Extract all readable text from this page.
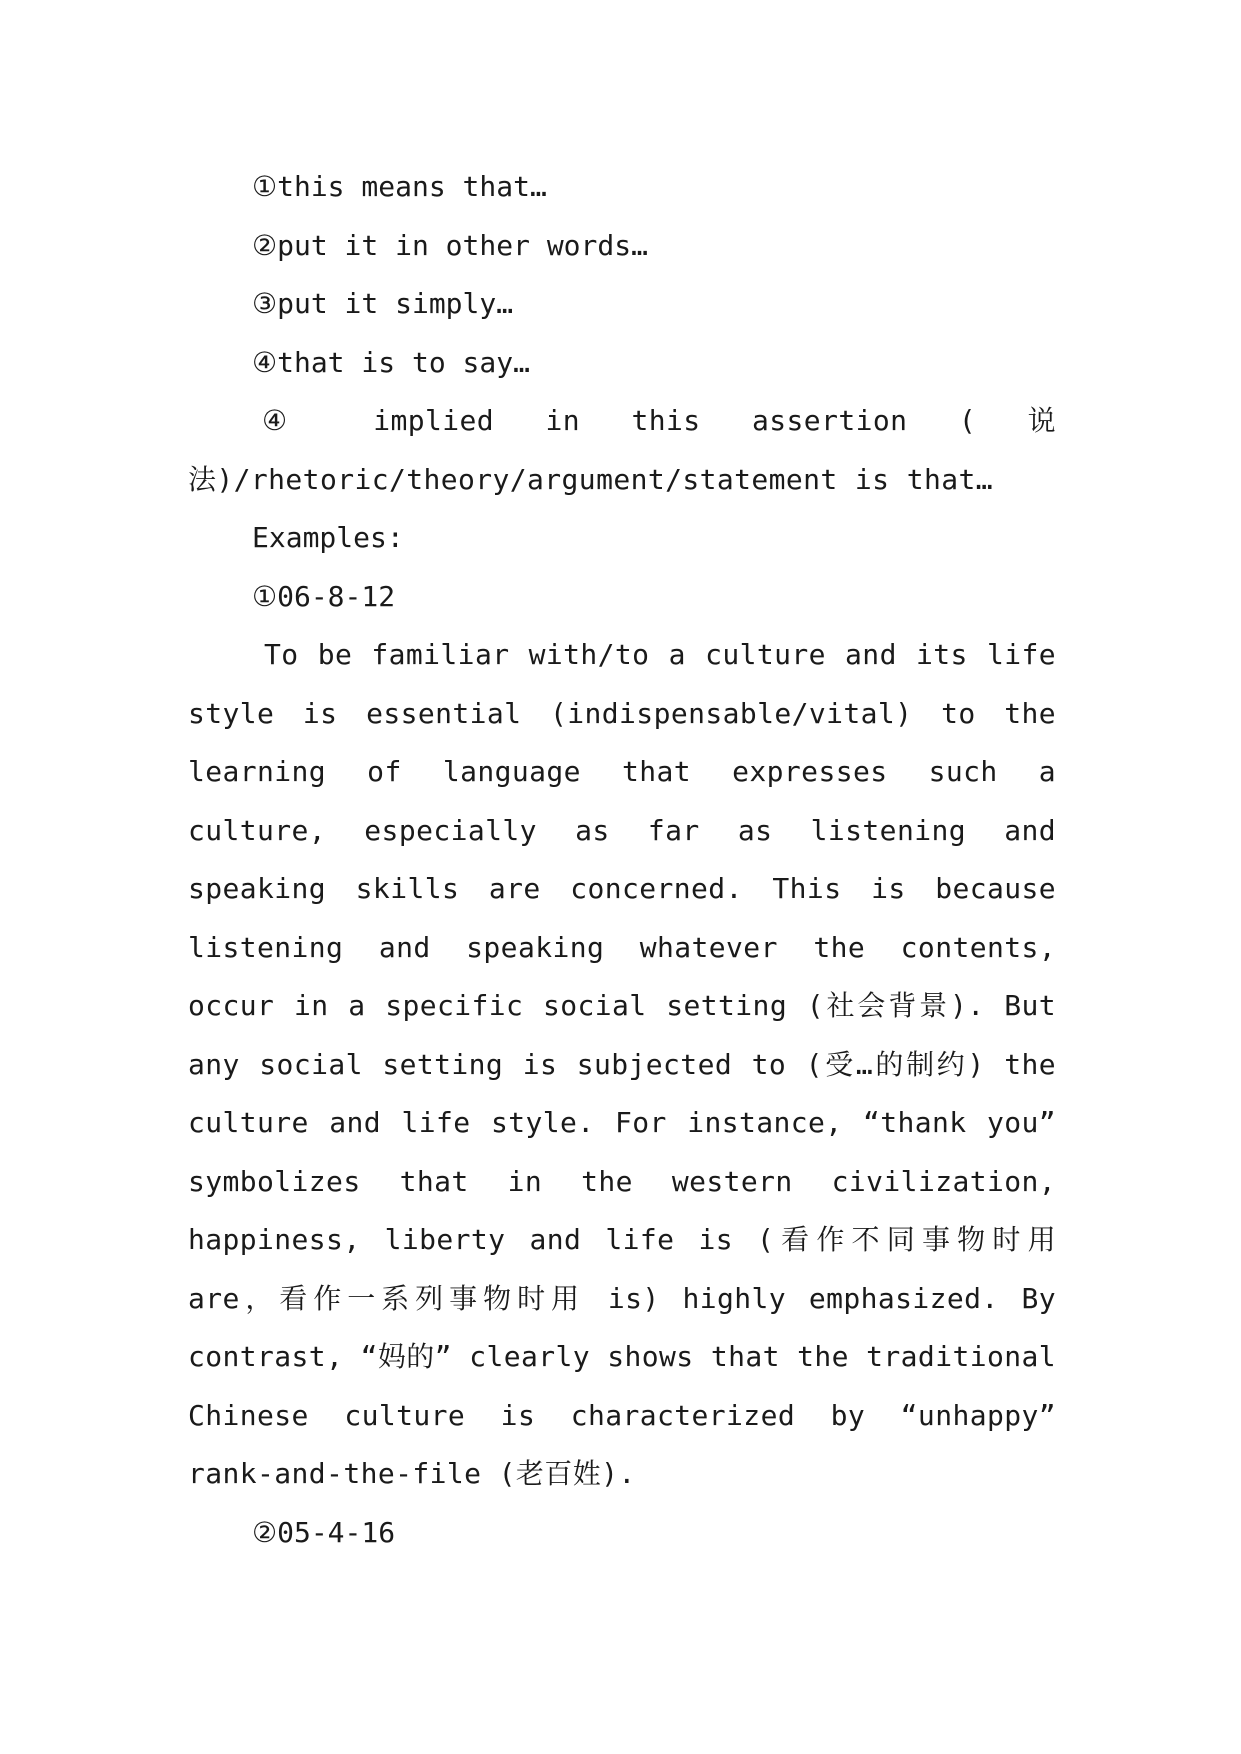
①this means that…

②put it in other words…

③put it simply…

④that is to say…

④ implied in this assertion ( 说法)/rhetoric/theory/argument/statement is that…

Examples:

①06-8-12

To be familiar with/to a culture and its life style is essential (indispensable/vital) to the learning of language that expresses such a culture, especially as far as listening and speaking skills are concerned. This is because listening and speaking whatever the contents, occur in a specific social setting (社会背景). But any social setting is subjected to (受…的制约) the culture and life style. For instance, “thank you” symbolizes that in the western civilization, happiness, liberty and life is (看作不同事物时用 are，看作一系列事物时用 is) highly emphasized. By contrast, “妈的” clearly shows that the traditional Chinese culture is characterized by “unhappy” rank-and-the-file (老百姓).

②05-4-16
